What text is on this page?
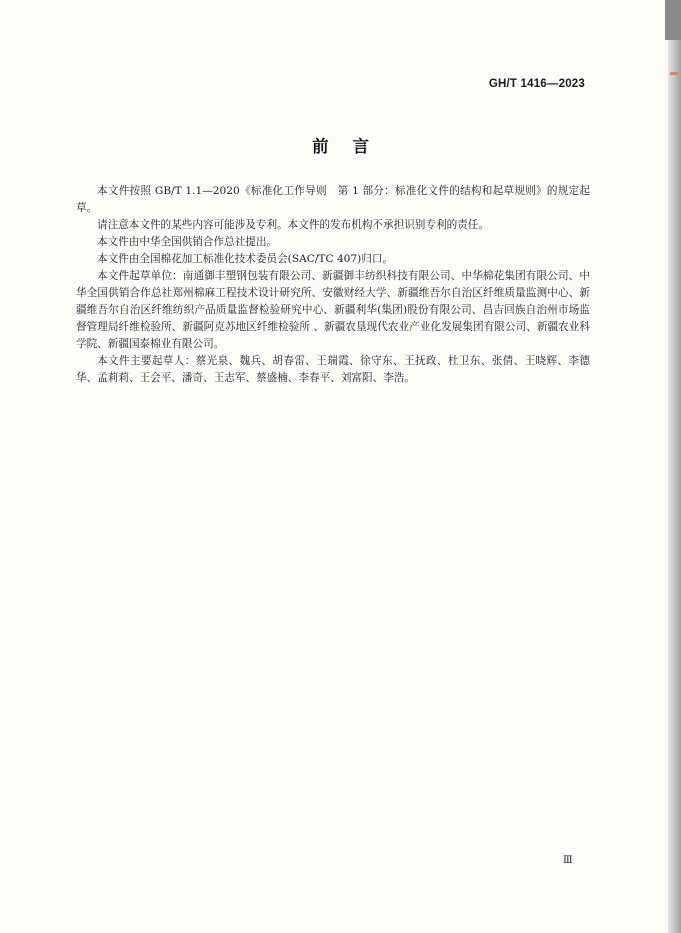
GH/T 1416—2023
前言

本文件按照 GB/T 1.1—2020《标准化工作导则　第 1 部分：标准化文件的结构和起草规则》的规定起草。

请注意本文件的某些内容可能涉及专利。本文件的发布机构不承担识别专利的责任。

本文件由中华全国供销合作总社提出。

本文件由全国棉花加工标准化技术委员会(SAC/TC 407)归口。

本文件起草单位：南通御丰塑钢包装有限公司、新疆御丰纺织科技有限公司、中华棉花集团有限公司、中华全国供销合作总社郑州棉麻工程技术设计研究所、安徽财经大学、新疆维吾尔自治区纤维质量监测中心、新疆维吾尔自治区纤维纺织产品质量监督检验研究中心、新疆利华(集团)股份有限公司、昌吉回族自治州市场监督管理局纤维检验所、新疆阿克苏地区纤维检验所 、新疆农垦现代农业产业化发展集团有限公司、新疆农业科学院、新疆国泰棉业有限公司。

本文件主要起草人：蔡光泉、魏兵、胡春雷、王瑞霞、徐守东、王抚政、杜卫东、张倩、王晓辉、李德华、孟莉莉、王会平、潘奇、王志军、蔡盛楠、李春平、刘富阳、李浩。

Ⅲ
